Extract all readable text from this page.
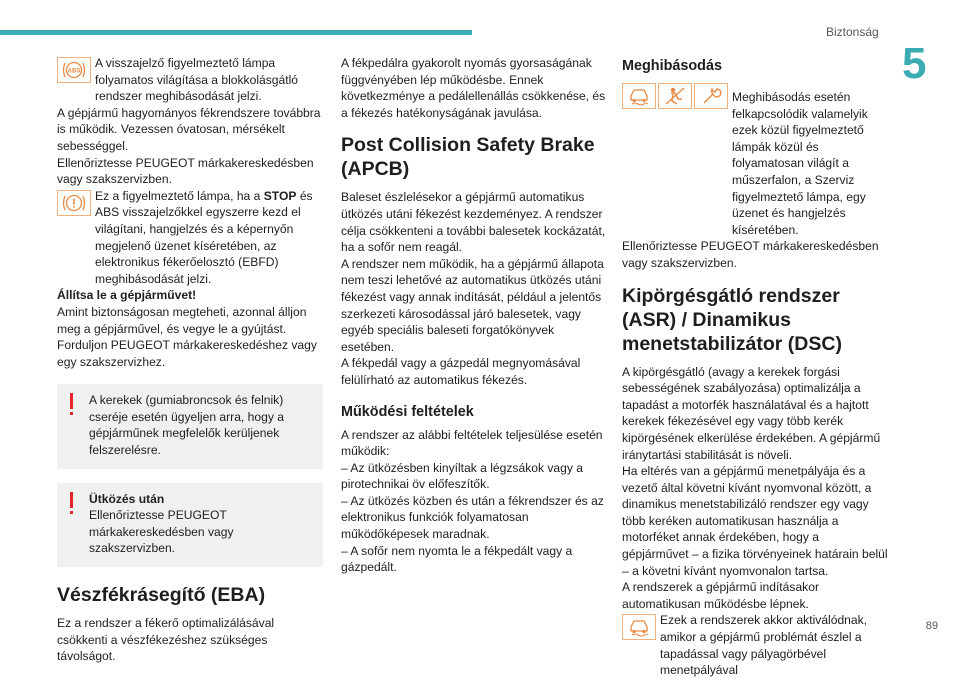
Biztonság
5
ABS

A visszajelző figyelmeztető lámpa folyamatos világítása a blokkolásgátló rendszer meghibásodását jelzi.

A gépjármű hagyományos fékrendszere továbbra is működik. Vezessen óvatosan, mérsékelt sebességgel.

Ellenőriztesse PEUGEOT márkakereskedésben vagy szakszervizben.

Ez a figyelmeztető lámpa, ha a STOP és ABS visszajelzőkkel egyszerre kezd el világítani, hangjelzés és a képernyőn megjelenő üzenet kíséretében, az elektronikus fékerőelosztó (EBFD) meghibásodását jelzi.

Állítsa le a gépjárművet!

Amint biztonságosan megteheti, azonnal álljon meg a gépjárművel, és vegye le a gyújtást.

Forduljon PEUGEOT márkakereskedéshez vagy egy szakszervizhez.

A kerekek (gumiabroncsok és felnik) cseréje esetén ügyeljen arra, hogy a gépjárműnek megfelelők kerüljenek felszerelésre.

Ütközés után

Ellenőriztesse PEUGEOT márkakereskedésben vagy szakszervizben.

Vészfékrásegítő (EBA)

Ez a rendszer a fékerő optimalizálásával csökkenti a vészfékezéshez szükséges távolságot.

A fékpedálra gyakorolt nyomás gyorsaságának függvényében lép működésbe. Ennek következménye a pedálellenállás csökkenése, és a fékezés hatékonyságának javulása.

Post Collision Safety Brake (APCB)

Baleset észlelésekor a gépjármű automatikus ütközés utáni fékezést kezdeményez. A rendszer célja csökkenteni a további balesetek kockázatát, ha a sofőr nem reagál.

A rendszer nem működik, ha a gépjármű állapota nem teszi lehetővé az automatikus ütközés utáni fékezést vagy annak indítását, például a jelentős szerkezeti károsodással járó balesetek, vagy egyéb speciális baleseti forgatókönyvek esetében.

A fékpedál vagy a gázpedál megnyomásával felülírható az automatikus fékezés.

Működési feltételek

A rendszer az alábbi feltételek teljesülése esetén működik:

– Az ütközésben kinyíltak a légzsákok vagy a pirotechnikai öv előfeszítők.

– Az ütközés közben és után a fékrendszer és az elektronikus funkciók folyamatosan működőképesek maradnak.

– A sofőr nem nyomta le a fékpedált vagy a gázpedált.

Meghibásodás

Meghibásodás esetén felkapcsolódik valamelyik ezek közül figyelmeztető lámpák közül és folyamatosan világít a műszerfalon, a Szerviz figyelmeztető lámpa, egy üzenet és hangjelzés kíséretében.

Ellenőriztesse PEUGEOT márkakereskedésben vagy szakszervizben.

Kipörgésgátló rendszer (ASR) / Dinamikus menetstabilizátor (DSC)

A kipörgésgátló (avagy a kerekek forgási sebességének szabályozása) optimalizálja a tapadást a motorfék használatával és a hajtott kerekek fékezésével egy vagy több kerék kipörgésének elkerülése érdekében. A gépjármű iránytartási stabilitását is növeli.

Ha eltérés van a gépjármű menetpályája és a vezető által követni kívánt nyomvonal között, a dinamikus menetstabilizáló rendszer egy vagy több keréken automatikusan használja a motorféket annak érdekében, hogy a gépjárművet – a fizika törvényeinek határain belül – a követni kívánt nyomvonalon tartsa.

A rendszerek a gépjármű indításakor automatikusan működésbe lépnek.

Ezek a rendszerek akkor aktiválódnak, amikor a gépjármű problémát észlel a tapadással vagy pályagörbével menetpályával

89
